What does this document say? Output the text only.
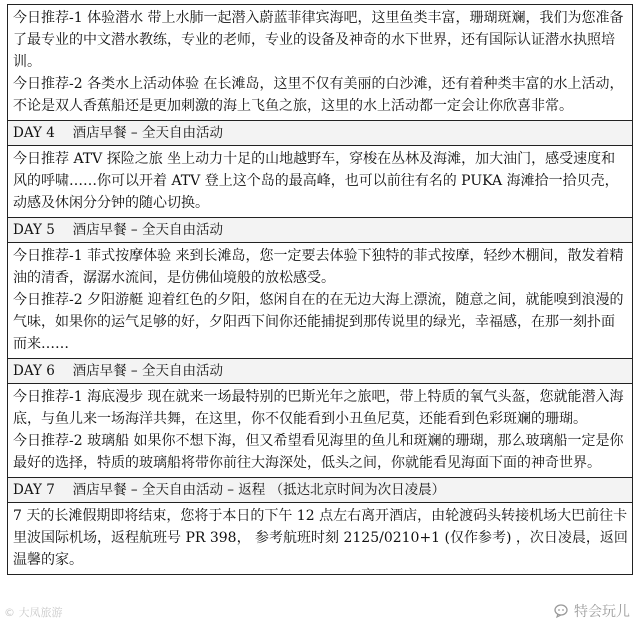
今日推荐-1 体验潜水 带上水肺一起潜入蔚蓝菲律宾海吧，这里鱼类丰富，珊瑚斑斓，我们为您准备了最专业的中文潜水教练，专业的老师，专业的设备及神奇的水下世界，还有国际认证潜水执照培训。
今日推荐-2 各类水上活动体验 在长滩岛，这里不仅有美丽的白沙滩，还有着种类丰富的水上活动，不论是双人香蕉船还是更加刺激的海上飞鱼之旅，这里的水上活动都一定会让你欣喜非常。

DAY 4　 酒店早餐 – 全天自由活动

今日推荐 ATV 探险之旅 坐上动力十足的山地越野车，穿梭在丛林及海滩，加大油门，感受速度和风的呼啸……你可以开着 ATV 登上这个岛的最高峰，也可以前往有名的 PUKA 海滩拾一拾贝壳，动感及休闲分分钟的随心切换。

DAY 5　 酒店早餐 – 全天自由活动

今日推荐-1 菲式按摩体验 来到长滩岛，您一定要去体验下独特的菲式按摩，轻纱木棚间，散发着精油的清香，潺潺水流间，是仿佛仙境般的放松感受。
今日推荐-2 夕阳游艇 迎着红色的夕阳，悠闲自在的在无边大海上漂流，随意之间，就能嗅到浪漫的气味，如果你的运气足够的好，夕阳西下间你还能捕捉到那传说里的绿光，幸福感，在那一刻扑面而来……

DAY 6　 酒店早餐 – 全天自由活动

今日推荐-1 海底漫步 现在就来一场最特别的巴斯光年之旅吧，带上特质的氧气头盔，您就能潜入海底，与鱼儿来一场海洋共舞，在这里，你不仅能看到小丑鱼尼莫，还能看到色彩斑斓的珊瑚。
今日推荐-2 玻璃船 如果你不想下海，但又希望看见海里的鱼儿和斑斓的珊瑚，那么玻璃船一定是你最好的选择，特质的玻璃船将带你前往大海深处，低头之间，你就能看见海面下面的神奇世界。

DAY 7　 酒店早餐 – 全天自由活动 – 返程 （抵达北京时间为次日凌晨）

7 天的长滩假期即将结束，您将于本日的下午 12 点左右离开酒店，由轮渡码头转接机场大巴前往卡里波国际机场，返程航班号 PR 398， 参考航班时刻 2125/0210+1 (仅作参考) ，次日凌晨，返回温馨的家。
© 大凤旅游	特会玩儿
